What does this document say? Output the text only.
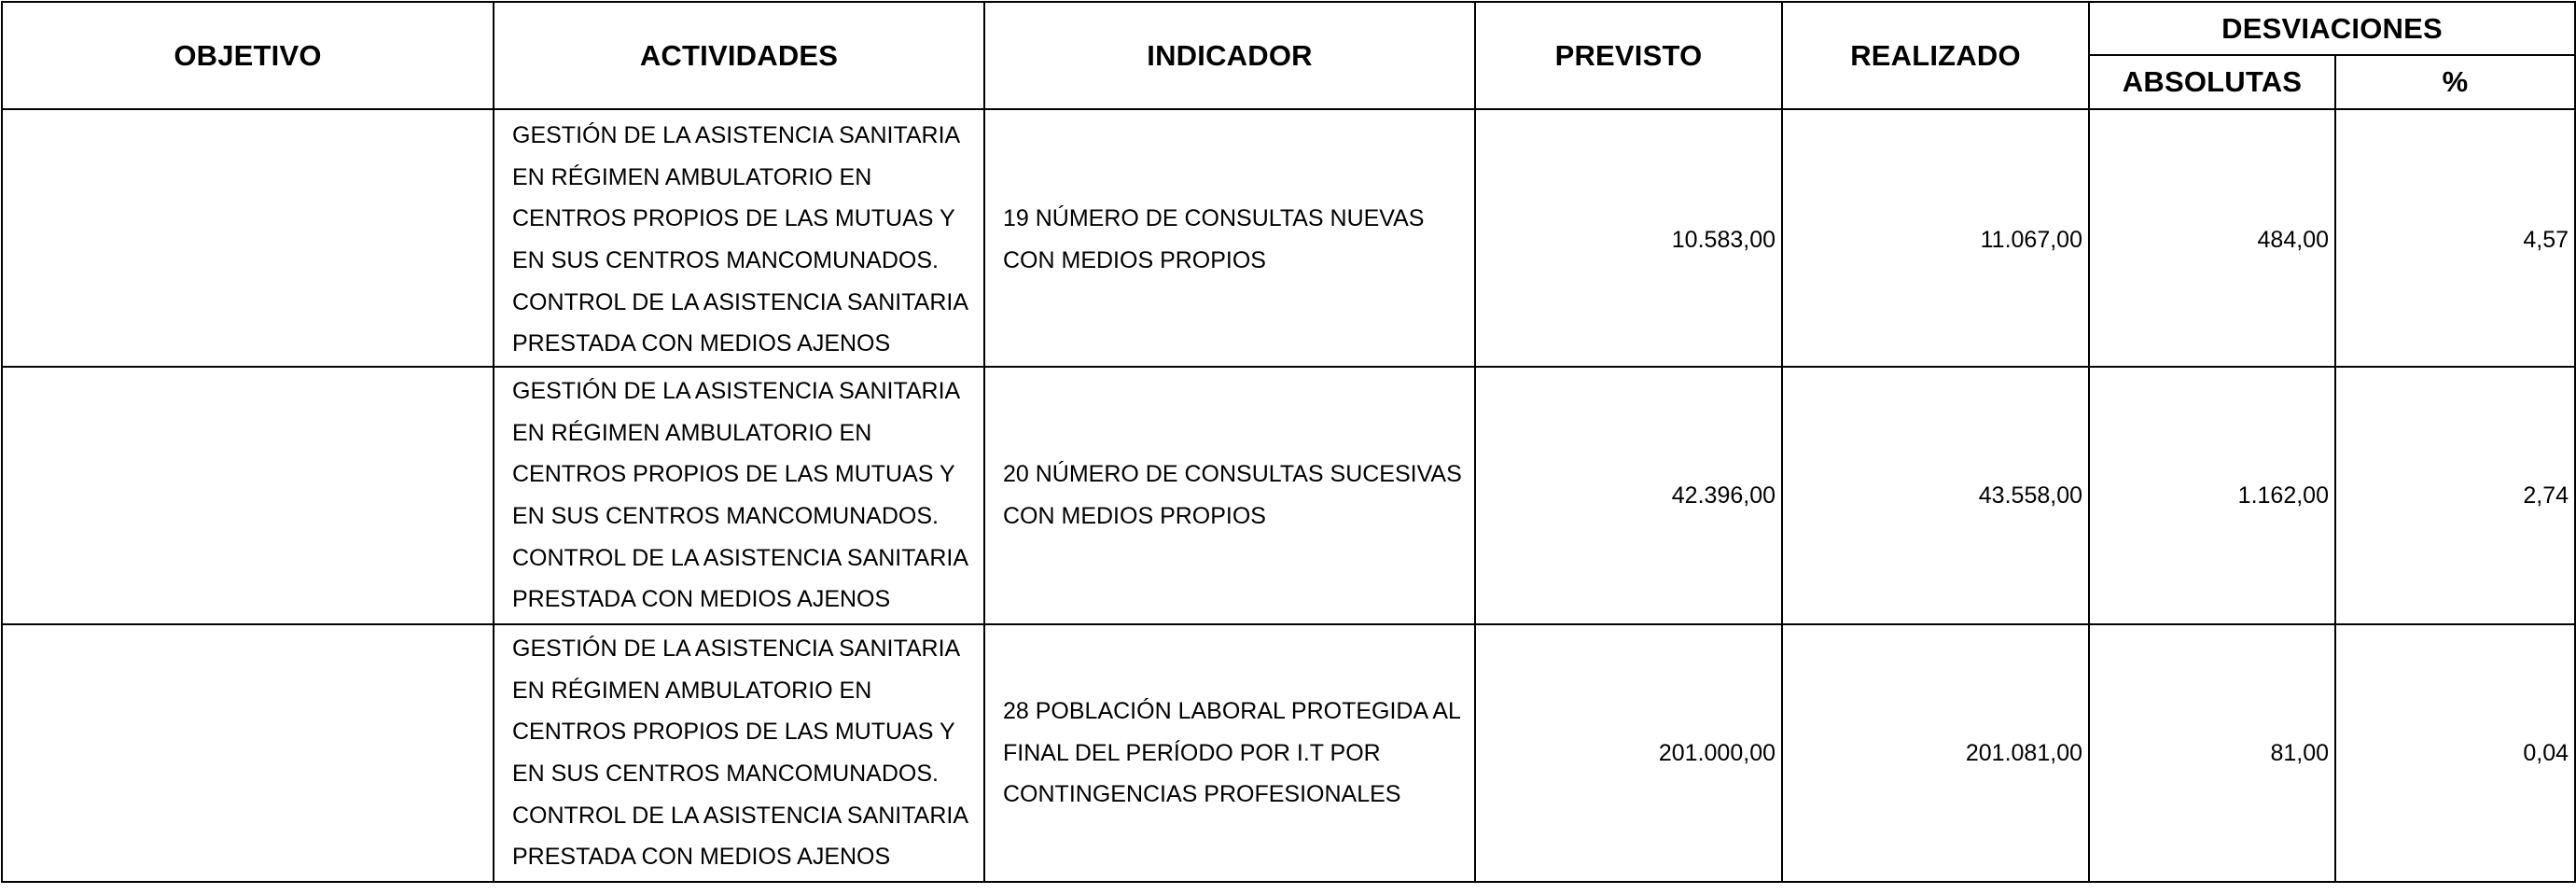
OBJETIVO	ACTIVIDADES	INDICADOR	PREVISTO	REALIZADO	DESVIACIONES	
					ABSOLUTAS	%
	GESTIÓN DE LA ASISTENCIA SANITARIA EN RÉGIMEN AMBULATORIO EN CENTROS PROPIOS DE LAS MUTUAS Y EN SUS CENTROS MANCOMUNADOS. CONTROL DE LA ASISTENCIA SANITARIA PRESTADA CON MEDIOS AJENOS	19 NÚMERO DE CONSULTAS NUEVAS CON MEDIOS PROPIOS	10.583,00	11.067,00	484,00	4,57
	GESTIÓN DE LA ASISTENCIA SANITARIA EN RÉGIMEN AMBULATORIO EN CENTROS PROPIOS DE LAS MUTUAS Y EN SUS CENTROS MANCOMUNADOS. CONTROL DE LA ASISTENCIA SANITARIA PRESTADA CON MEDIOS AJENOS	20 NÚMERO DE CONSULTAS SUCESIVAS CON MEDIOS PROPIOS	42.396,00	43.558,00	1.162,00	2,74
	GESTIÓN DE LA ASISTENCIA SANITARIA EN RÉGIMEN AMBULATORIO EN CENTROS PROPIOS DE LAS MUTUAS Y EN SUS CENTROS MANCOMUNADOS. CONTROL DE LA ASISTENCIA SANITARIA PRESTADA CON MEDIOS AJENOS	28 POBLACIÓN LABORAL PROTEGIDA AL FINAL DEL PERÍODO POR I.T POR CONTINGENCIAS PROFESIONALES	201.000,00	201.081,00	81,00	0,04
